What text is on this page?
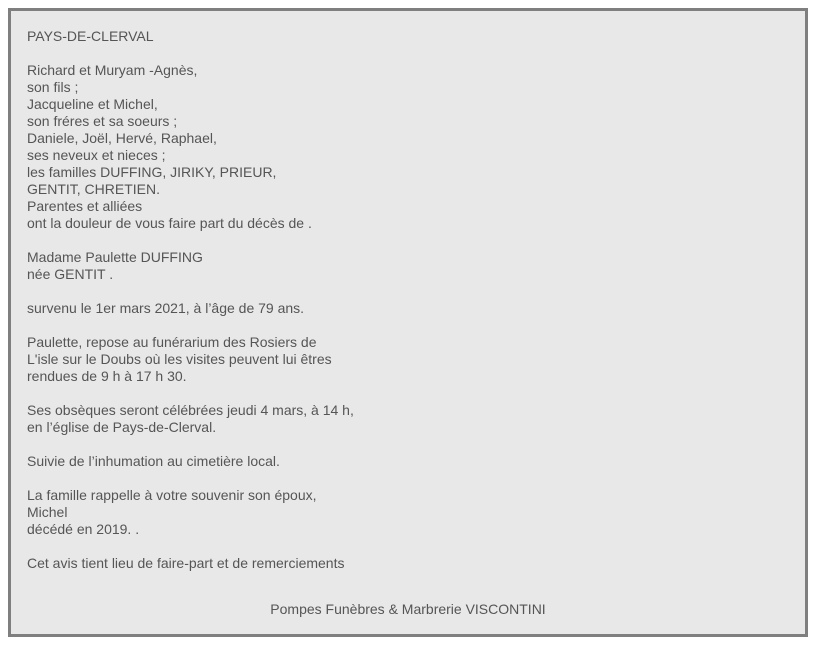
PAYS-DE-CLERVAL

Richard et Muryam -Agnès,
son fils ;
Jacqueline et Michel,
son fréres et sa soeurs ;
Daniele, Joël, Hervé, Raphael,
ses neveux et nieces ;
les familles DUFFING, JIRIKY, PRIEUR,
GENTIT, CHRETIEN.
Parentes et alliées
ont la douleur de vous faire part du décès de .

Madame Paulette DUFFING
née GENTIT .

survenu le 1er mars 2021, à l’âge de 79 ans.

Paulette, repose au funérarium des Rosiers de
L'isle sur le Doubs où les visites peuvent lui êtres
rendues de 9 h à 17 h 30.

Ses obsèques seront célébrées jeudi 4 mars, à 14 h,
en l’église de Pays-de-Clerval.

Suivie de l’inhumation au cimetière local.

La famille rappelle à votre souvenir son époux,
Michel
décédé en 2019. .

Cet avis tient lieu de faire-part et de remerciements

Pompes Funèbres & Marbrerie VISCONTINI
